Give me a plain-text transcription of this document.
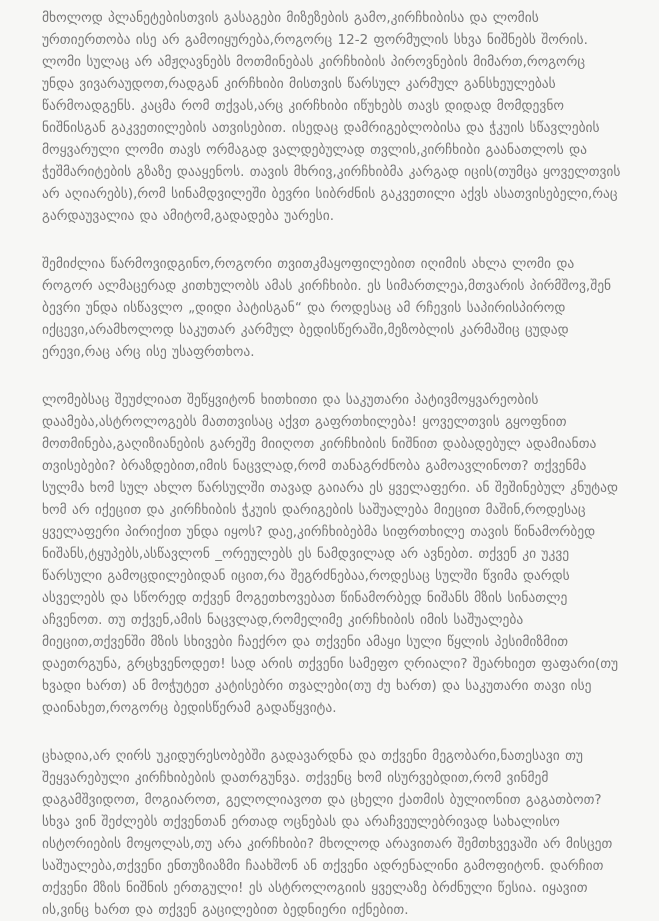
მხოლოდ პლანეტებისთვის გასაგები მიზეზების გამო,კირჩხიბისა და ლომის ურთიერთობა ისე არ გამოიყურება,როგორც 12-2 ფორმულის სხვა ნიშნებს შორის. ლომი სულაც არ ამჟღავნებს მოთმინებას კირჩხიბის პიროვნების მიმართ,როგორც უნდა ვივარაუდოთ,რადგან კირჩხიბი მისთვის წარსულ კარმულ განსხეულებას წარმოადგენს. კაცმა რომ თქვას,არც კირჩხიბი იწუხებს თავს დიდად მომდევნო ნიშნისგან გაკვეთილების ათვისებით. ისედაც დამრიგებლობისა და ჭკუის სწავლების მოყვარული ლომი თავს ორმაგად ვალდებულად თვლის,კირჩხიბი გაანათლოს და ჭეშმარიტების გზაზე დააყენოს. თავის მხრივ,კირჩხიბმა კარგად იცის(თუმცა ყოველთვის არ აღიარებს),რომ სინამდვილეში ბევრი სიბრძნის გაკვეთილი აქვს ასათვისებელი,რაც გარდაუვალია და ამიტომ,გადადება უარესი.

შემიძლია წარმოვიდგინო,როგორი თვითკმაყოფილებით იღიმის ახლა ლომი და როგორ ალმაცერად კითხულობს ამას კირჩხიბი. ეს სიმართლეა,მთვარის პირმშოვ,შენ ბევრი უნდა ისწავლო „დიდი პატისგან“ და როდესაც ამ რჩევის საპირისპიროდ იქცევი,არამხოლოდ საკუთარ კარმულ ბედისწერაში,მეზობლის კარმაშიც ცუდად ერევი,რაც არც ისე უსაფრთხოა.

ლომებსაც შეუძლიათ შეწყვიტონ ხითხითი და საკუთარი პატივმოყვარეობის დაამება,ასტროლოგებს მათთვისაც აქვთ გაფრთხილება! ყოველთვის გყოფნით მოთმინება,გაღიზიანების გარეშე მიიღოთ კირჩხიბის ნიშნით დაბადებულ ადამიანთა თვისებები? ბრაზდებით,იმის ნაცვლად,რომ თანაგრძნობა გამოავლინოთ? თქვენმა სულმა ხომ სულ ახლო წარსულში თავად გაიარა ეს ყველაფერი. ან შეშინებულ კნუტად ხომ არ იქეცით და კირჩხიბის ჭკუის დარიგების საშუალება მიეცით მაშინ,როდესაც ყველაფერი პირიქით უნდა იყოს? დაე,კირჩხიბებმა სიფრთხილე თავის წინამორბედ ნიშანს,ტყუპებს,ასწავლონ _ორეულებს ეს ნამდვილად არ ავნებთ. თქვენ კი უკვე წარსული გამოცდილებიდან იცით,რა შეგრძნებაა,როდესაც სულში წვიმა დარდს ასველებს და სწორედ თქვენ მოგეთხოვებათ წინამორბედ ნიშანს მზის სინათლე აჩვენოთ. თუ თქვენ,ამის ნაცვლად,რომელიმე კირჩხიბის იმის საშუალება მიეცით,თქვენში მზის სხივები ჩაექრო და თქვენი ამაყი სული წყლის პესიმიზმით დაეთრგუნა, გრცხვენოდეთ! სად არის თქვენი სამეფო ღრიალი? შეარხიეთ ფაფარი(თუ ხვადი ხართ) ან მოჭუტეთ კატისებრი თვალები(თუ ძუ ხართ) და საკუთარი თავი ისე დაინახეთ,როგორც ბედისწერამ გადაწყვიტა.

ცხადია,არ ღირს უკიდურესობებში გადავარდნა და თქვენი მეგობარი,ნათესავი თუ შეყვარებული კირჩხიბების დათრგუნვა. თქვენც ხომ ისურვებდით,რომ ვინმემ დაგამშვიდოთ, მოგიაროთ, გელოლიავოთ და ცხელი ქათმის ბულიონით გაგათბოთ? სხვა ვინ შეძლებს თქვენთან ერთად ოცნებას და არაჩვეულებრივად სახალისო ისტორიების მოყოლას,თუ არა კირჩხიბი? მხოლოდ არავითარ შემთხვევაში არ მისცეთ საშუალება,თქვენი ენთუზიაზმი ჩაახშონ ან თქვენი ადრენალინი გამოფიტონ. დარჩით თქვენი მზის ნიშნის ერთგული! ეს ასტროლოგიის ყველაზე ბრძნული წესია. იყავით ის,ვინც ხართ და თქვენ გაცილებით ბედნიერი იქნებით.
